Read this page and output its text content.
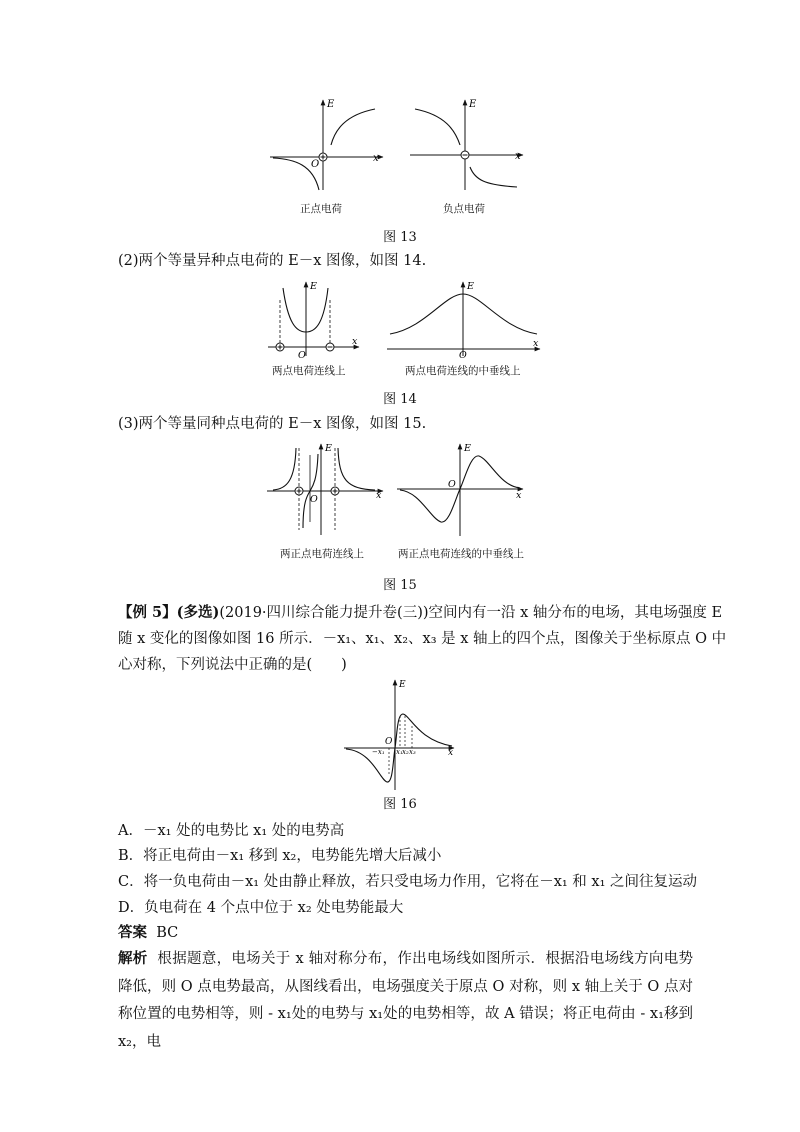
E
x
O
E
x
正点电荷	负点电荷
图 13
(2)两个等量异种点电荷的 E－x 图像，如图 14.
E
x
O
E
x
O
两点电荷连线上	两点电荷连线的中垂线上
图 14
(3)两个等量同种点电荷的 E－x 图像，如图 15.
E
x
O
E
x
O
两正点电荷连线上	两正点电荷连线的中垂线上
图 15
【例 5】(多选)(2019·四川综合能力提升卷(三))空间内有一沿 x 轴分布的电场，其电场强度 E
随 x 变化的图像如图 16 所示．－x₁、x₁、x₂、x₃ 是 x 轴上的四个点，图像关于坐标原点 O 中
心对称，下列说法中正确的是(　　)
E
x
O
−x₁ x₁ x₂ x₃
图 16
A．－x₁ 处的电势比 x₁ 处的电势高
B．将正电荷由－x₁ 移到 x₂，电势能先增大后减小
C．将一负电荷由－x₁ 处由静止释放，若只受电场力作用，它将在－x₁ 和 x₁ 之间往复运动
D．负电荷在 4 个点中位于 x₂ 处电势能最大
答案 BC
解析 根据题意，电场关于 x 轴对称分布，作出电场线如图所示．根据沿电场线方向电势降低，则 O 点电势最高，从图线看出，电场强度关于原点 O 对称，则 x 轴上关于 O 点对称位置的电势相等，则 - x₁处的电势与 x₁处的电势相等，故 A 错误；将正电荷由 - x₁移到 x₂，电
